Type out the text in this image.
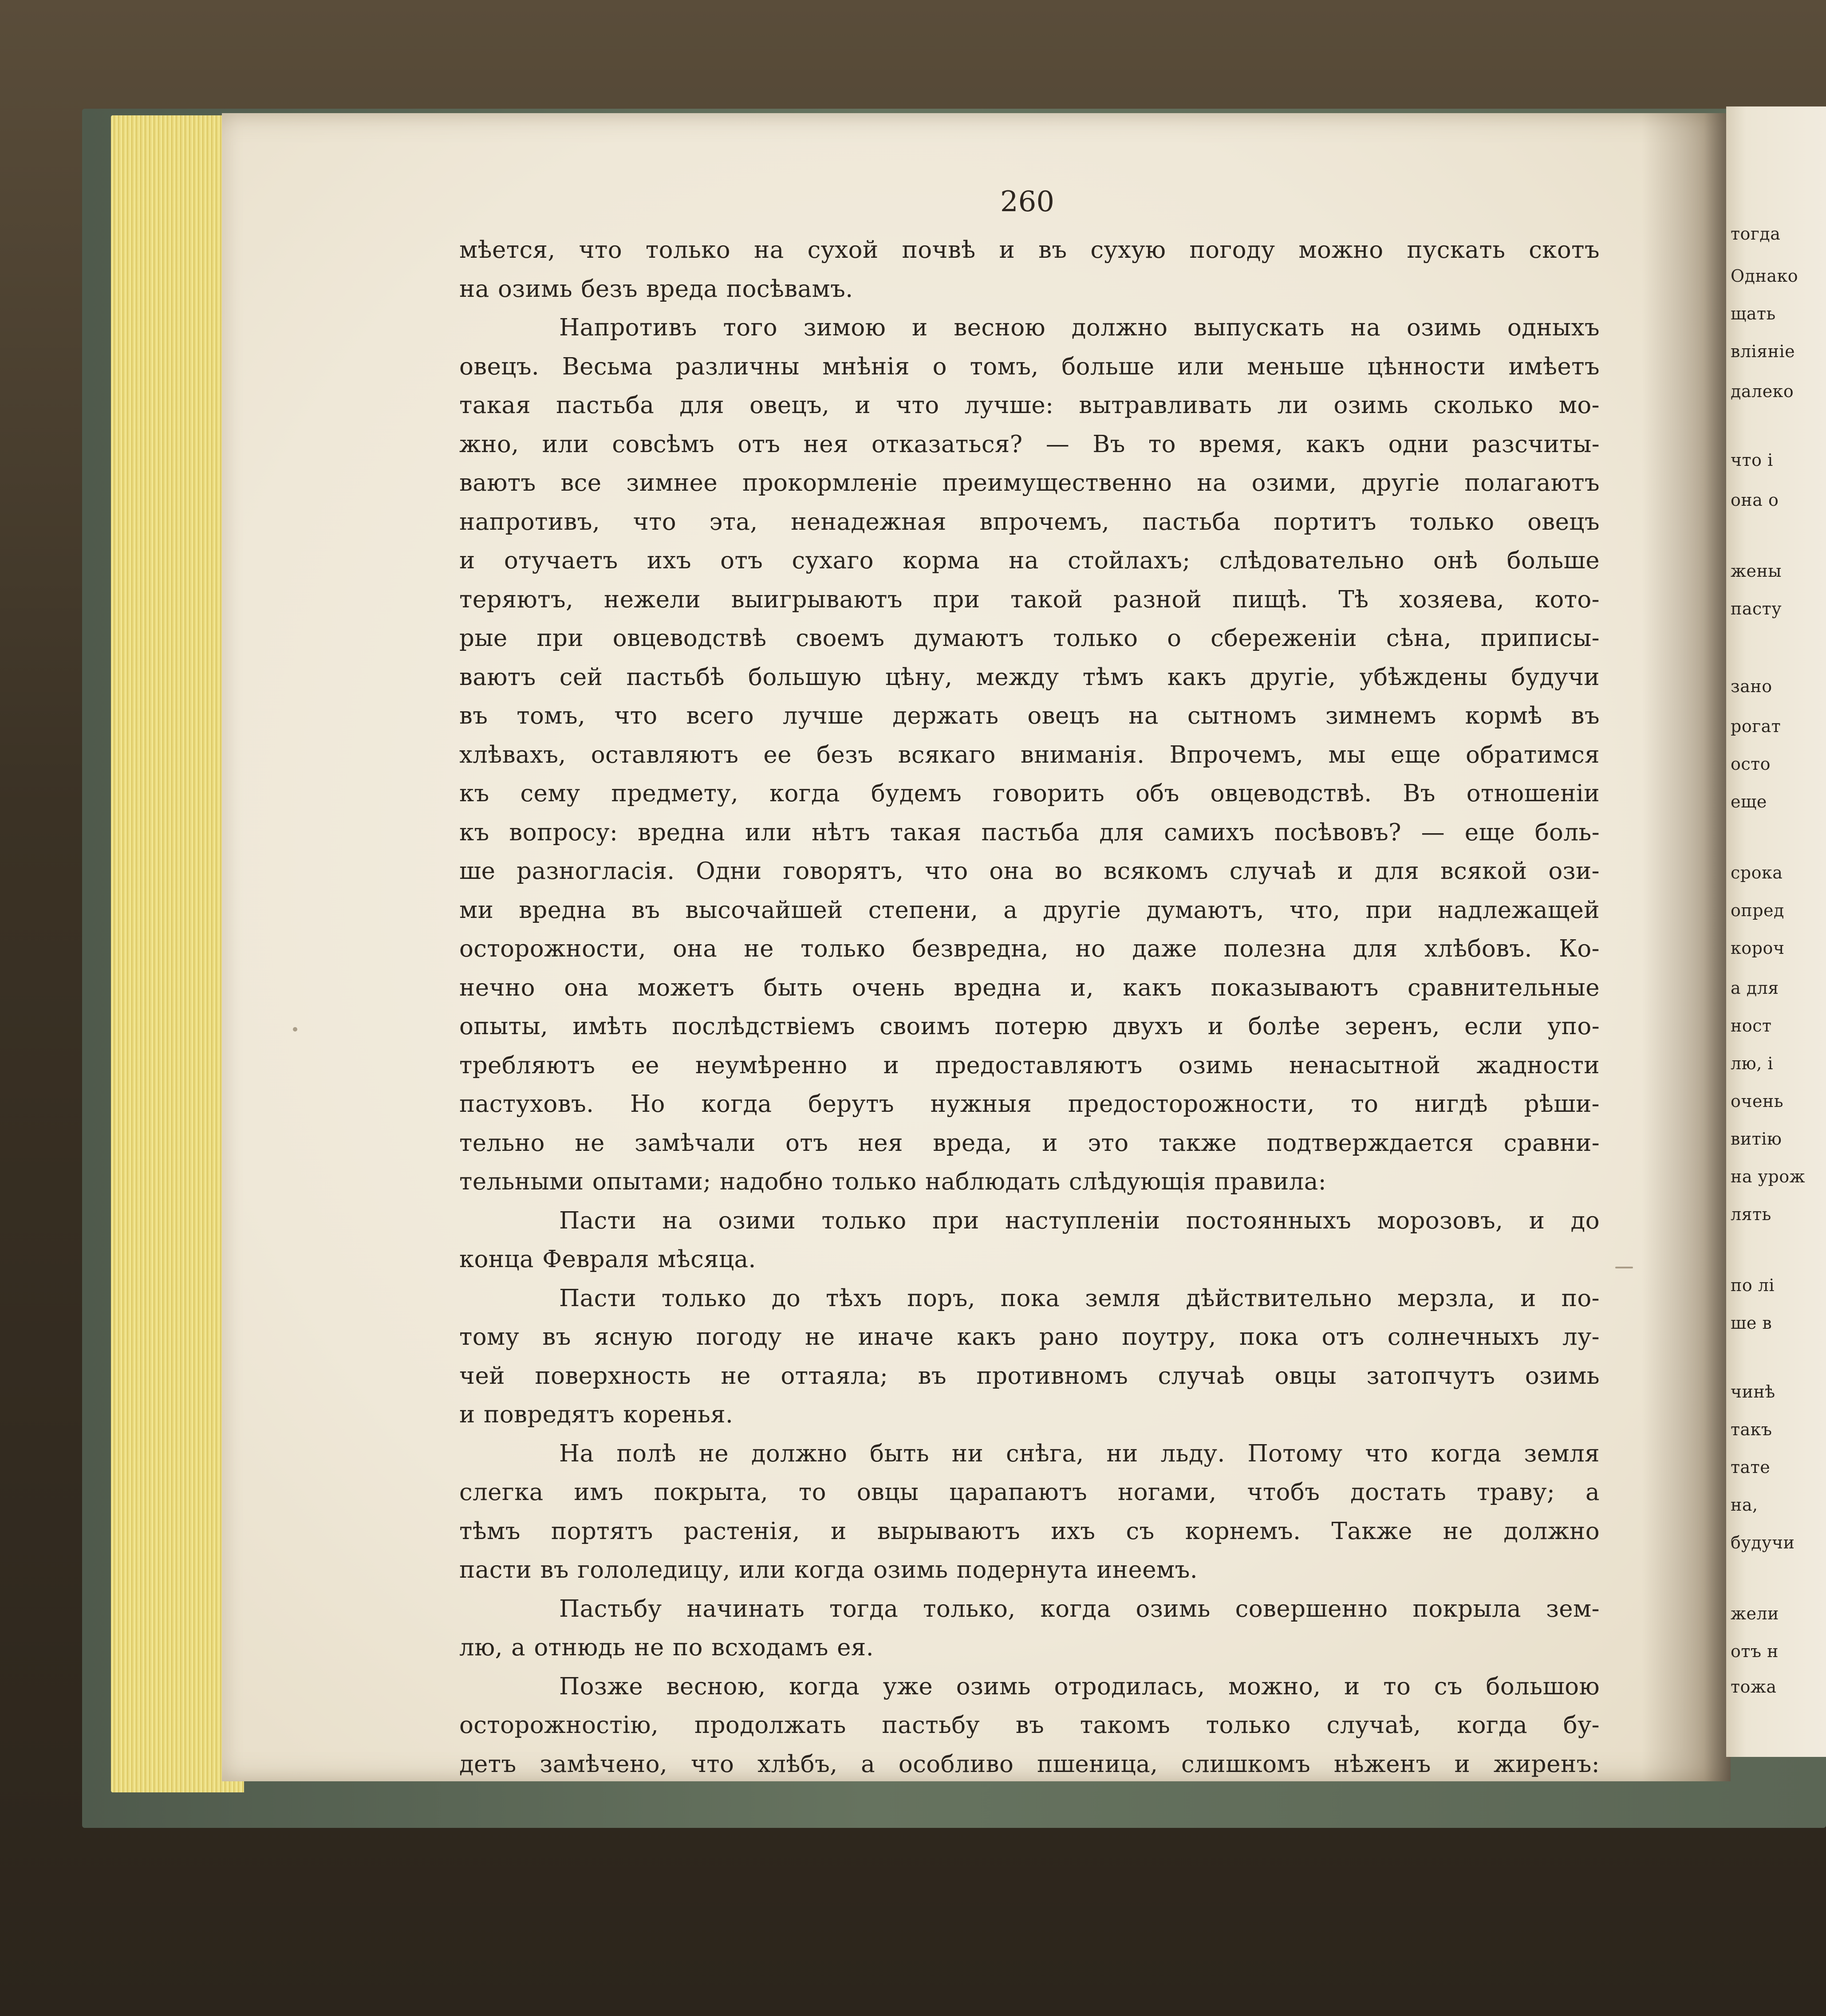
260
мѣется, что только на сухой почвѣ и въ сухую погоду можно пускать скотъ
на озимь безъ вреда посѣвамъ.
Напротивъ того зимою и весною должно выпускать на озимь одныхъ
овецъ. Весьма различны мнѣнія о томъ, больше или меньше цѣнности имѣетъ
такая пастьба для овецъ, и что лучше: вытравливать ли озимь сколько мо-
жно, или совсѣмъ отъ нея отказаться? — Въ то время, какъ одни разсчиты-
ваютъ все зимнее прокормленіе преимущественно на озими, другіе полагаютъ
напротивъ, что эта, ненадежная впрочемъ, пастьба портитъ только овецъ
и отучаетъ ихъ отъ сухаго корма на стойлахъ; слѣдовательно онѣ больше
теряютъ, нежели выигрываютъ при такой разной пищѣ. Тѣ хозяева, кото-
рые при овцеводствѣ своемъ думаютъ только о сбереженіи сѣна, приписы-
ваютъ сей пастьбѣ большую цѣну, между тѣмъ какъ другіе, убѣждены будучи
въ томъ, что всего лучше держать овецъ на сытномъ зимнемъ кормѣ въ
хлѣвахъ, оставляютъ ее безъ всякаго вниманія. Впрочемъ, мы еще обратимся
къ сему предмету, когда будемъ говорить объ овцеводствѣ. Въ отношеніи
къ вопросу: вредна или нѣтъ такая пастьба для самихъ посѣвовъ? — еще боль-
ше разногласія. Одни говорятъ, что она во всякомъ случаѣ и для всякой ози-
ми вредна въ высочайшей степени, а другіе думаютъ, что, при надлежащей
осторожности, она не только безвредна, но даже полезна для хлѣбовъ. Ко-
нечно она можетъ быть очень вредна и, какъ показываютъ сравнительные
опыты, имѣть послѣдствіемъ своимъ потерю двухъ и болѣе зеренъ, если упо-
требляютъ ее неумѣренно и предоставляютъ озимь ненасытной жадности
пастуховъ. Но когда берутъ нужныя предосторожности, то нигдѣ рѣши-
тельно не замѣчали отъ нея вреда, и это также подтверждается сравни-
тельными опытами; надобно только наблюдать слѣдующія правила:
Пасти на озими только при наступленіи постоянныхъ морозовъ, и до
конца Февраля мѣсяца.
Пасти только до тѣхъ поръ, пока земля дѣйствительно мерзла, и по-
тому въ ясную погоду не иначе какъ рано поутру, пока отъ солнечныхъ лу-
чей поверхность не оттаяла; въ противномъ случаѣ овцы затопчутъ озимь
и повредятъ коренья.
На полѣ не должно быть ни снѣга, ни льду. Потому что когда земля
слегка имъ покрыта, то овцы царапаютъ ногами, чтобъ достать траву; а
тѣмъ портятъ растенія, и вырываютъ ихъ съ корнемъ. Также не должно
пасти въ гололедицу, или когда озимь подернута инеемъ.
Пастьбу начинать тогда только, когда озимь совершенно покрыла зем-
лю, а отнюдь не по всходамъ ея.
Позже весною, когда уже озимь отродилась, можно, и то съ большою
осторожностію, продолжать пастьбу въ такомъ только случаѣ, когда бу-
детъ замѣчено, что хлѣбъ, а особливо пшеница, слишкомъ нѣженъ и жиренъ:
тогда
Однако
щать
вліяніе
далеко
что і
она о
жены
пасту
зано
рогат
осто
еще
срока
опред
короч
а для
ност
лю, і
очень
витію
на урож
лять
по лі
ше в
чинѣ
такъ
тате
на,
будучи
жели
отъ н
тожа
